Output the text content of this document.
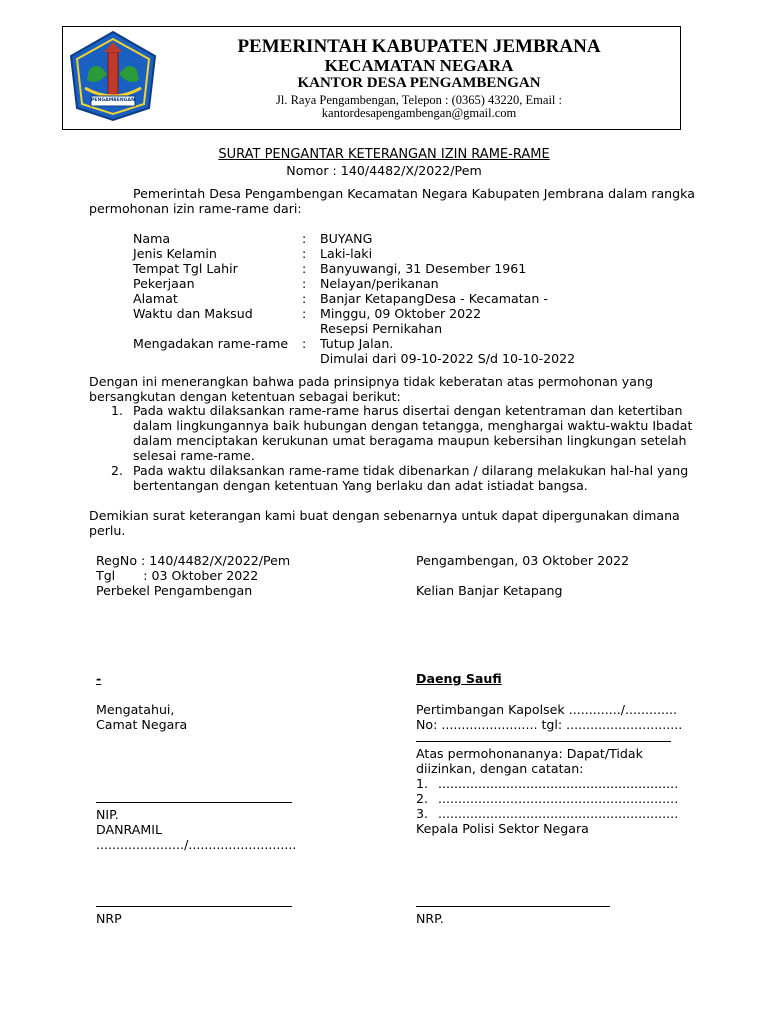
PENGAMBENGAN
PEMERINTAH KABUPATEN JEMBRANA
KECAMATAN NEGARA
KANTOR DESA PENGAMBENGAN
Jl. Raya Pengambengan, Telepon : (0365) 43220, Email :
kantordesapengambengan@gmail.com
SURAT PENGANTAR KETERANGAN IZIN RAME-RAME
Nomor : 140/4482/X/2022/Pem
Pemerintah Desa Pengambengan Kecamatan Negara Kabupaten Jembrana dalam rangka
permohonan izin rame-rame dari:
Nama	: BUYANG
Jenis Kelamin	: Laki-laki
Tempat Tgl Lahir	: Banyuwangi, 31 Desember 1961
Pekerjaan	: Nelayan/perikanan
Alamat	: Banjar KetapangDesa - Kecamatan -
Waktu dan Maksud	: Minggu, 09 Oktober 2022
Resepsi Pernikahan
Mengadakan rame-rame : Tutup Jalan.
Dimulai dari 09-10-2022 S/d 10-10-2022
Dengan ini menerangkan bahwa pada prinsipnya tidak keberatan atas permohonan yang
bersangkutan dengan ketentuan sebagai berikut:
1. Pada waktu dilaksankan rame-rame harus disertai dengan ketentraman dan ketertiban
dalam lingkungannya baik hubungan dengan tetangga, menghargai waktu-waktu Ibadat
dalam menciptakan kerukunan umat beragama maupun kebersihan lingkungan setelah
selesai rame-rame.
2. Pada waktu dilaksankan rame-rame tidak dibenarkan / dilarang melakukan hal-hal yang
bertentangan dengan ketentuan Yang berlaku dan adat istiadat bangsa.
Demikian surat keterangan kami buat dengan sebenarnya untuk dapat dipergunakan dimana
perlu.
RegNo : 140/4482/X/2022/Pem
Tgl       : 03 Oktober 2022
Perbekel Pengambengan
-
Mengatahui,
Camat Negara
NIP.
DANRAMIL
....................../...........................
NRP
Pengambengan, 03 Oktober 2022
Kelian Banjar Ketapang
Daeng Saufi
Pertimbangan Kapolsek ............./.............
No: ........................ tgl: .............................
Atas permohonananya: Dapat/Tidak
diizinkan, dengan catatan:
1. ............................................................
2. ............................................................
3. ............................................................
Kepala Polisi Sektor Negara
NRP.
